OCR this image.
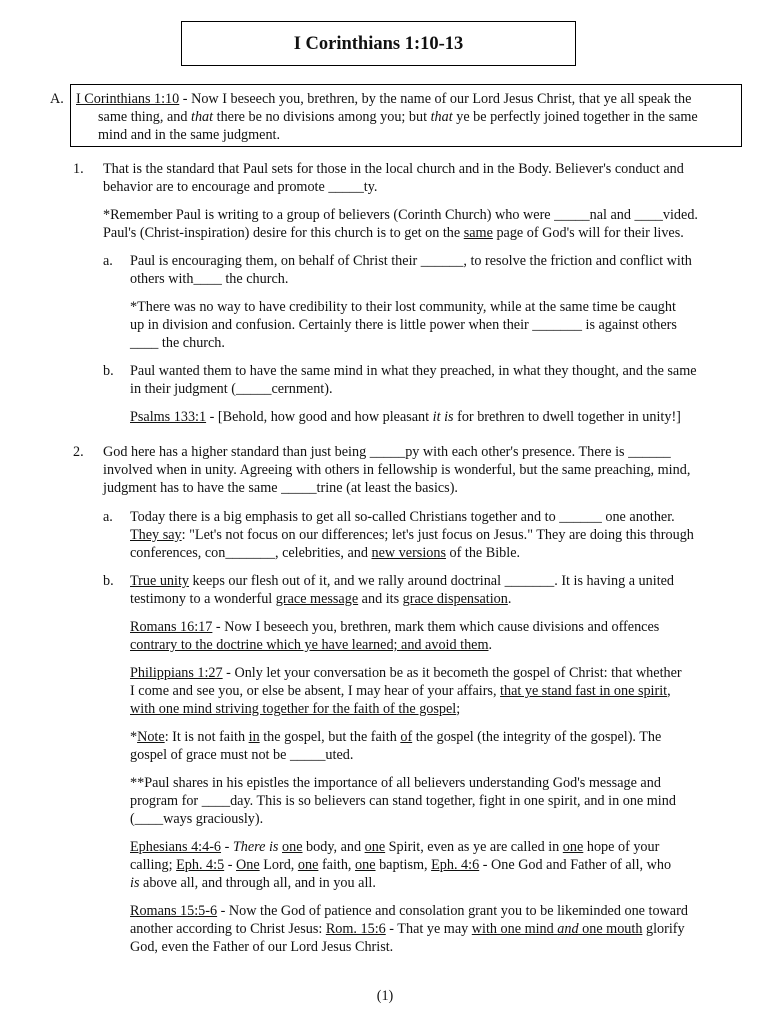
I Corinthians 1:10-13
A. I Corinthians 1:10 - Now I beseech you, brethren, by the name of our Lord Jesus Christ, that ye all speak the
same thing, and that there be no divisions among you; but that ye be perfectly joined together in the same
mind and in the same judgment.
1. That is the standard that Paul sets for those in the local church and in the Body. Believer's conduct and

behavior are to encourage and promote _____ty.

*Remember Paul is writing to a group of believers (Corinth Church) who were _____nal and ____vided.

Paul's (Christ-inspiration) desire for this church is to get on the same page of God's will for their lives.

a. Paul is encouraging them, on behalf of Christ their ______, to resolve the friction and conflict with

others with____ the church.

*There was no way to have credibility to their lost community, while at the same time be caught

up in division and confusion. Certainly there is little power when their _______ is against others

____ the church.

b. Paul wanted them to have the same mind in what they preached, in what they thought, and the same

in their judgment (_____cernment).

Psalms 133:1 - [Behold, how good and how pleasant it is for brethren to dwell together in unity!]

2. God here has a higher standard than just being _____py with each other's presence. There is ______

involved when in unity. Agreeing with others in fellowship is wonderful, but the same preaching, mind,

judgment has to have the same _____trine (at least the basics).

a. Today there is a big emphasis to get all so-called Christians together and to ______ one another.

They say: "Let's not focus on our differences; let's just focus on Jesus." They are doing this through

conferences, con_______, celebrities, and new versions of the Bible.

b. True unity keeps our flesh out of it, and we rally around doctrinal _______. It is having a united

testimony to a wonderful grace message and its grace dispensation.

Romans 16:17 - Now I beseech you, brethren, mark them which cause divisions and offences

contrary to the doctrine which ye have learned; and avoid them.

Philippians 1:27 - Only let your conversation be as it becometh the gospel of Christ: that whether

I come and see you, or else be absent, I may hear of your affairs, that ye stand fast in one spirit,

with one mind striving together for the faith of the gospel;

*Note: It is not faith in the gospel, but the faith of the gospel (the integrity of the gospel). The

gospel of grace must not be _____uted.

**Paul shares in his epistles the importance of all believers understanding God's message and

program for ____day. This is so believers can stand together, fight in one spirit, and in one mind

(____ways graciously).

Ephesians 4:4-6 - There is one body, and one Spirit, even as ye are called in one hope of your

calling; Eph. 4:5 - One Lord, one faith, one baptism, Eph. 4:6 - One God and Father of all, who

is above all, and through all, and in you all.

Romans 15:5-6 - Now the God of patience and consolation grant you to be likeminded one toward

another according to Christ Jesus: Rom. 15:6 - That ye may with one mind and one mouth glorify

God, even the Father of our Lord Jesus Christ.

(1)
